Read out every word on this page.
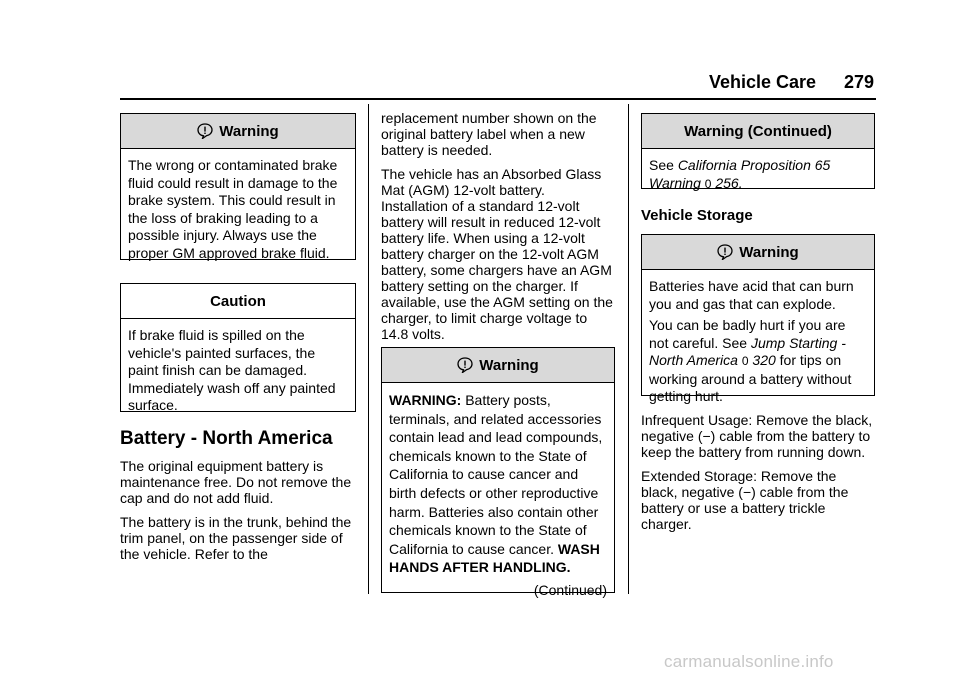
Vehicle Care 279
Warning
The wrong or contaminated brake fluid could result in damage to the brake system. This could result in the loss of braking leading to a possible injury. Always use the proper GM approved brake fluid.
Caution
If brake fluid is spilled on the vehicle's painted surfaces, the paint finish can be damaged. Immediately wash off any painted surface.
Battery - North America

The original equipment battery is maintenance free. Do not remove the cap and do not add fluid.

The battery is in the trunk, behind the trim panel, on the passenger side of the vehicle. Refer to the

replacement number shown on the original battery label when a new battery is needed.

The vehicle has an Absorbed Glass Mat (AGM) 12-volt battery. Installation of a standard 12-volt battery will result in reduced 12-volt battery life. When using a 12-volt battery charger on the 12-volt AGM battery, some chargers have an AGM battery setting on the charger. If available, use the AGM setting on the charger, to limit charge voltage to 14.8 volts.

Warning
WARNING: Battery posts, terminals, and related accessories contain lead and lead compounds, chemicals known to the State of California to cause cancer and birth defects or other reproductive harm. Batteries also contain other chemicals known to the State of California to cause cancer. WASH HANDS AFTER HANDLING.
(Continued)
Warning (Continued)
See California Proposition 65 Warning 0 256.
Vehicle Storage
Warning

Batteries have acid that can burn you and gas that can explode.

You can be badly hurt if you are not careful. See Jump Starting - North America 0 320 for tips on

working around a battery without getting hurt.

Infrequent Usage: Remove the black, negative (−) cable from the battery to keep the battery from running down.

Extended Storage: Remove the black, negative (−) cable from the battery or use a battery trickle charger.

carmanualsonline.info
